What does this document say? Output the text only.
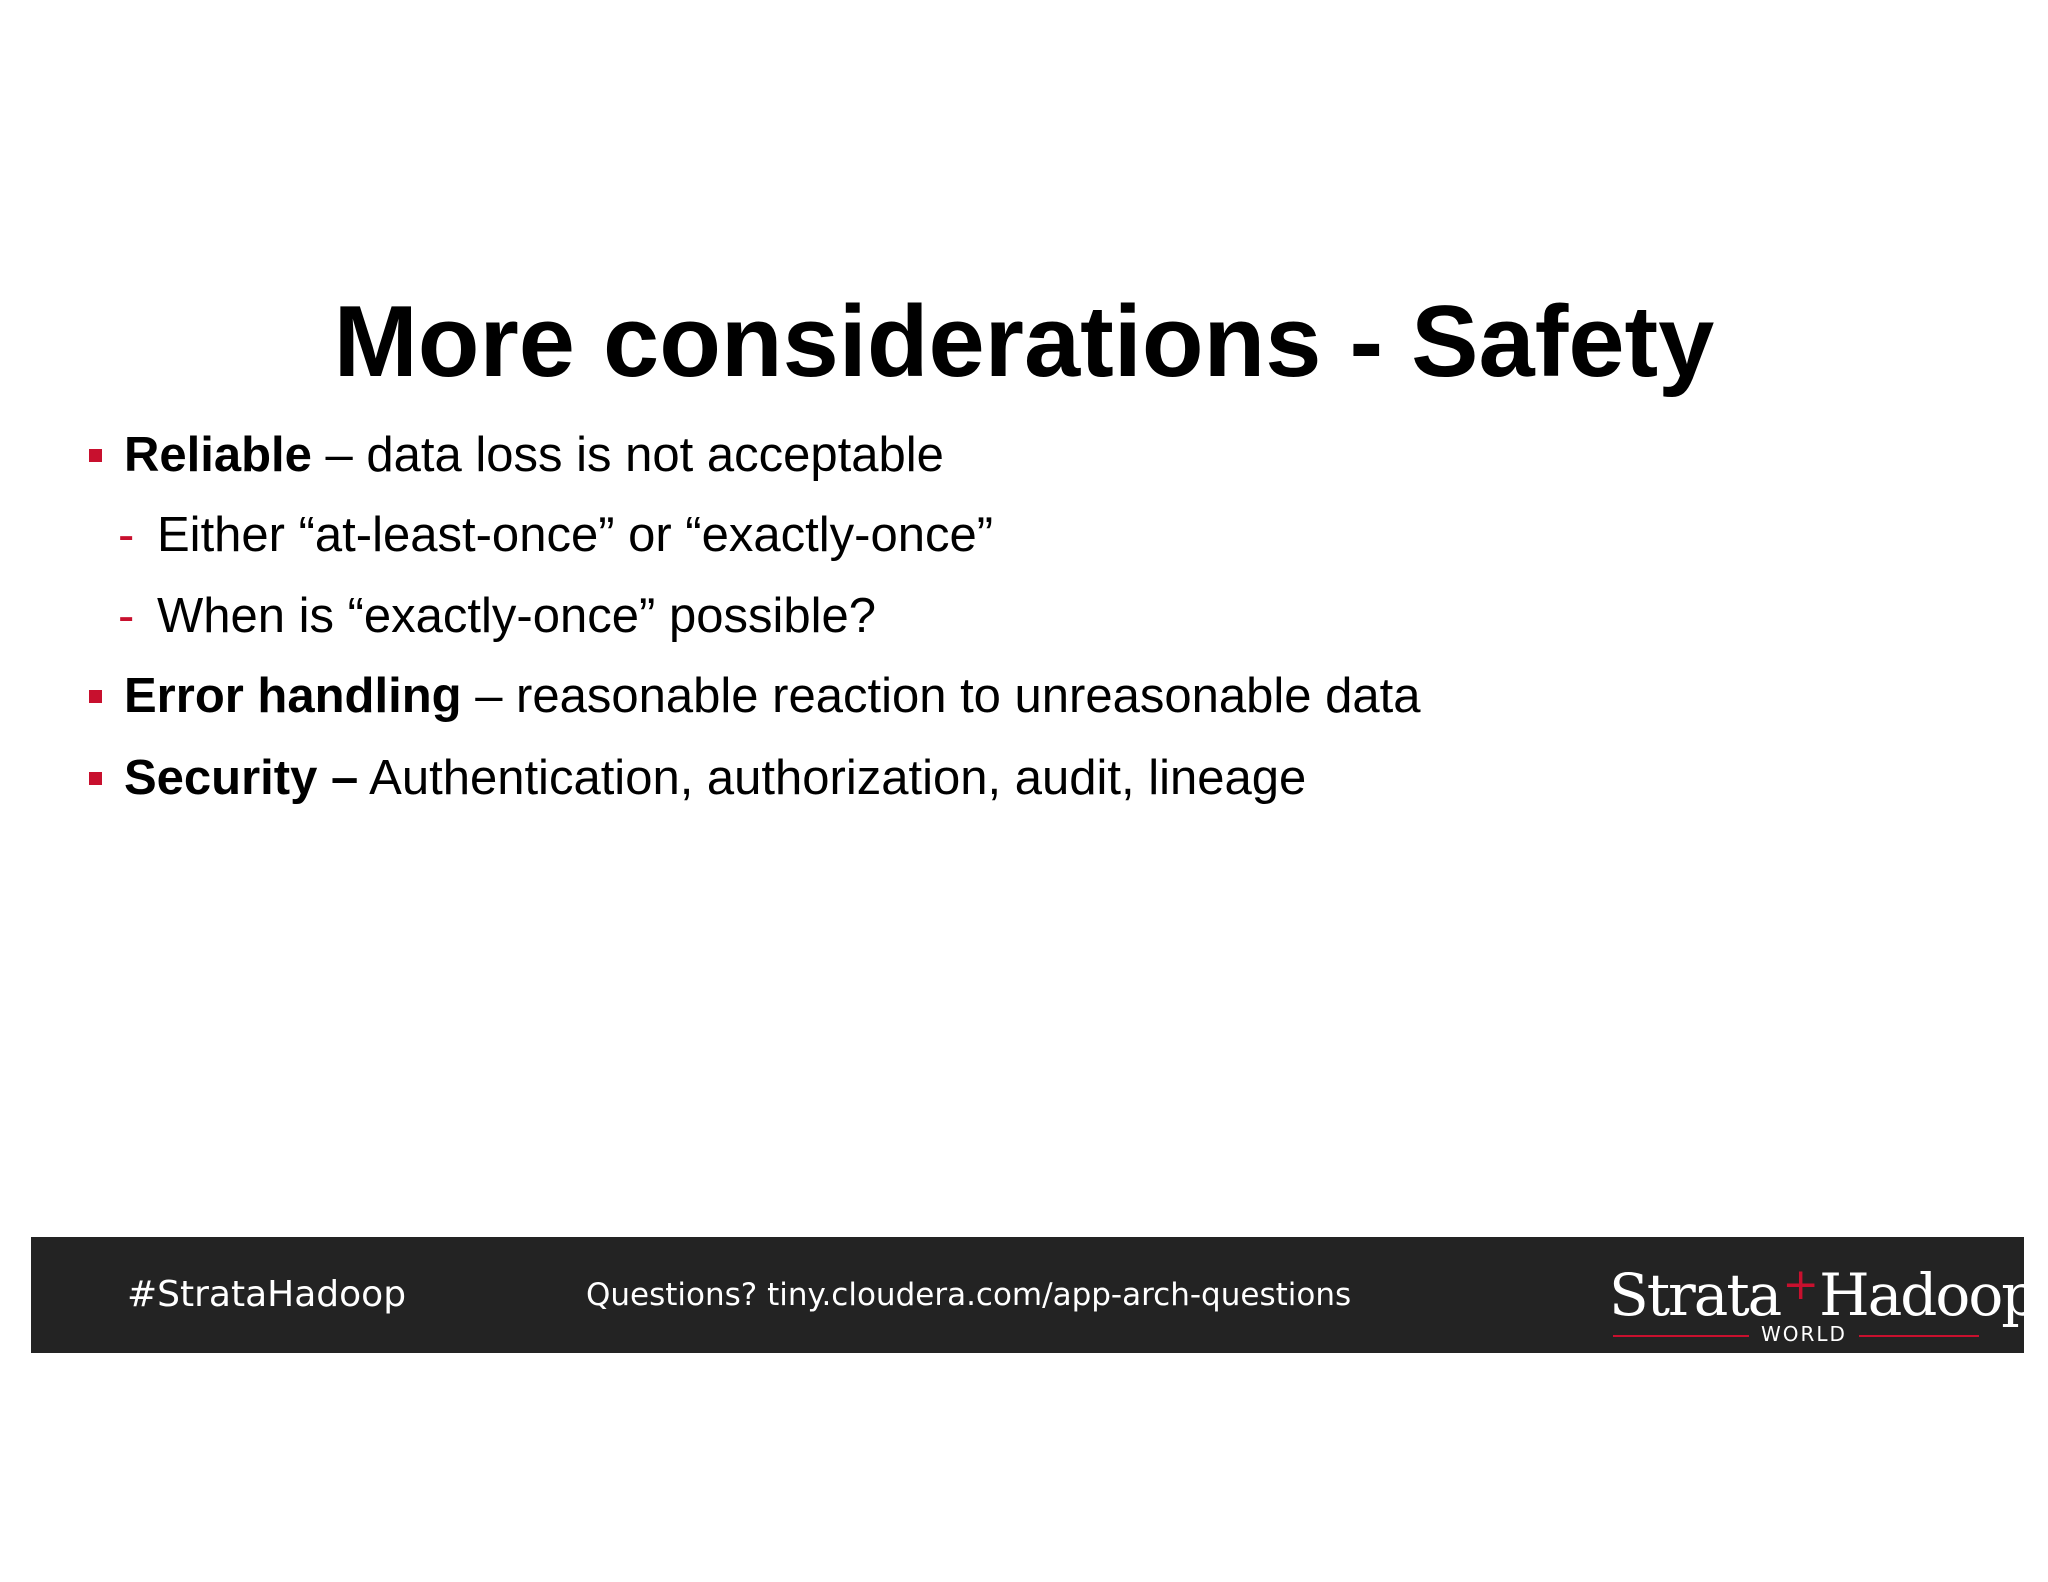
More considerations - Safety
Reliable – data loss is not acceptable
- Either “at-least-once” or “exactly-once”
- When is “exactly-once” possible?
Error handling – reasonable reaction to unreasonable data
Security – Authentication, authorization, audit, lineage
#StrataHadoop	Questions? tiny.cloudera.com/app-arch-questions	Strata+Hadoop
WORLD
